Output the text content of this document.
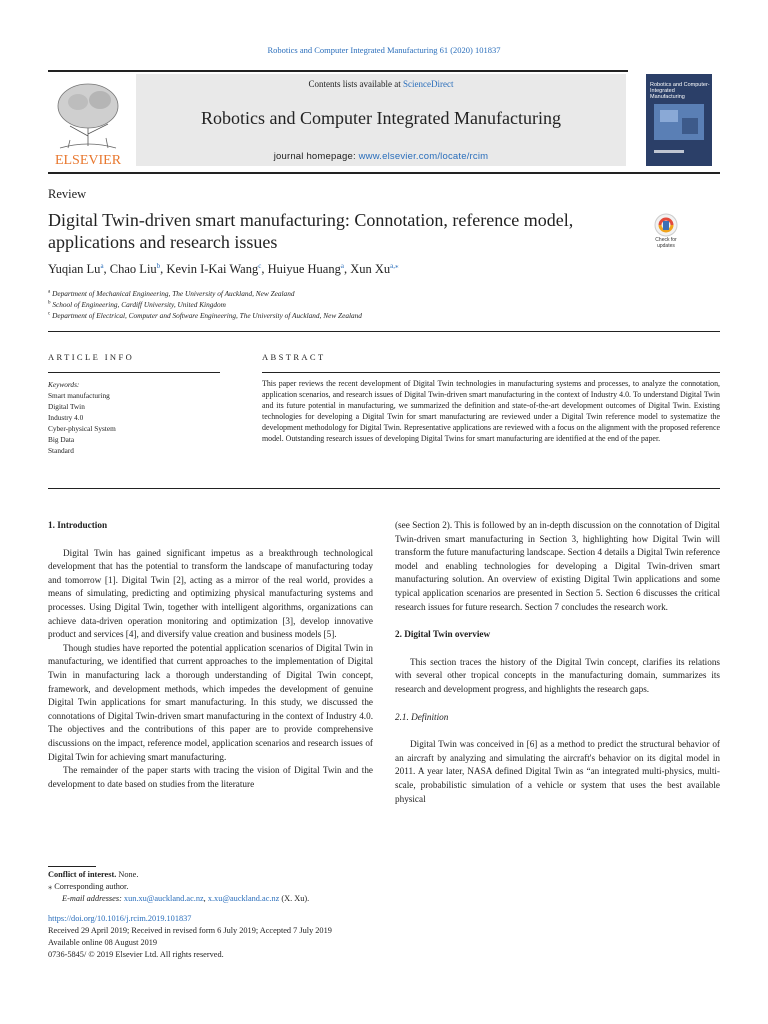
Robotics and Computer Integrated Manufacturing 61 (2020) 101837
ELSEVIER
Contents lists available at ScienceDirect
Robotics and Computer Integrated Manufacturing
journal homepage: www.elsevier.com/locate/rcim
Robotics and Computer-Integrated Manufacturing
Review
Digital Twin-driven smart manufacturing: Connotation, reference model, applications and research issues	Check for updates
Yuqian Lu$^a$, Chao Liu$^b$, Kevin I-Kai Wang$^c$, Huiyue Huang$^a$, Xun $Xu^{a,⁎}$
$^a$ Department of Mechanical Engineering, The University of Auckland, New Zealand
$^b$ School of Engineering, Cardiff University, United Kingdom
$^c$ Department of Electrical, Computer and Software Engineering, The University of Auckland, New Zealand
ARTICLE INFO
Keywords:
Smart manufacturing
Digital Twin
Industry 4.0
Cyber-physical System
Big Data
Standard
ABSTRACT
This paper reviews the recent development of Digital Twin technologies in manufacturing systems and processes, to analyze the connotation, application scenarios, and research issues of Digital Twin-driven smart manufacturing in the context of Industry 4.0. To understand Digital Twin and its future potential in manufacturing, we summarized the definition and state-of-the-art development outcomes of Digital Twin. Existing technologies for developing a Digital Twin for smart manufacturing are reviewed under a Digital Twin reference model to systematize the development methodology for Digital Twin. Representative applications are reviewed with a focus on the alignment with the proposed reference model. Outstanding research issues of developing Digital Twins for smart manufacturing are identified at the end of the paper.
1. Introduction

Digital Twin has gained significant impetus as a breakthrough technological development that has the potential to transform the landscape of manufacturing today and tomorrow [1]. Digital Twin [2], acting as a mirror of the real world, provides a means of simulating, predicting and optimizing physical manufacturing systems and processes. Using Digital Twin, together with intelligent algorithms, organizations can achieve data-driven operation monitoring and optimization [3], develop innovative product and services [4], and diversify value creation and business models [5].

Though studies have reported the potential application scenarios of Digital Twin in manufacturing, we identified that current approaches to the implementation of Digital Twin in manufacturing lack a thorough understanding of Digital Twin concept, framework, and development methods, which impedes the development of genuine Digital Twin applications for smart manufacturing. In this study, we discussed the connotations of Digital Twin-driven smart manufacturing in the context of Industry 4.0. The objectives and the contributions of this paper are to provide comprehensive discussions on the impact, reference model, application scenarios and research issues of Digital Twin for achieving smart manufacturing.

The remainder of the paper starts with tracing the vision of Digital Twin and the development to date based on studies from the literature

(see Section 2). This is followed by an in-depth discussion on the connotation of Digital Twin-driven smart manufacturing in Section 3, highlighting how Digital Twin will transform the future manufacturing landscape. Section 4 details a Digital Twin reference model and enabling technologies for developing a Digital Twin-driven smart manufacturing solution. An overview of existing Digital Twin applications and some typical application scenarios are presented in Section 5. Section 6 discusses the critical research issues for future research. Section 7 concludes the research work.

2. Digital Twin overview

This section traces the history of the Digital Twin concept, clarifies its relations with several other tropical concepts in the manufacturing domain, summarizes its research and development progress, and highlights the research gaps.

2.1. Definition

Digital Twin was conceived in [6] as a method to predict the structural behavior of an aircraft by analyzing and simulating the aircraft's behavior on its digital model in 2011. A year later, NASA defined Digital Twin as “an integrated multi-physics, multi-scale, probabilistic simulation of a vehicle or system that uses the best available physical

Conflict of interest. None.
⁎ Corresponding author.
E-mail addresses: xun.xu@auckland.ac.nz, x.xu@auckland.ac.nz (X. Xu).
https://doi.org/10.1016/j.rcim.2019.101837
Received 29 April 2019; Received in revised form 6 July 2019; Accepted 7 July 2019
Available online 08 August 2019
0736-5845/ © 2019 Elsevier Ltd. All rights reserved.
